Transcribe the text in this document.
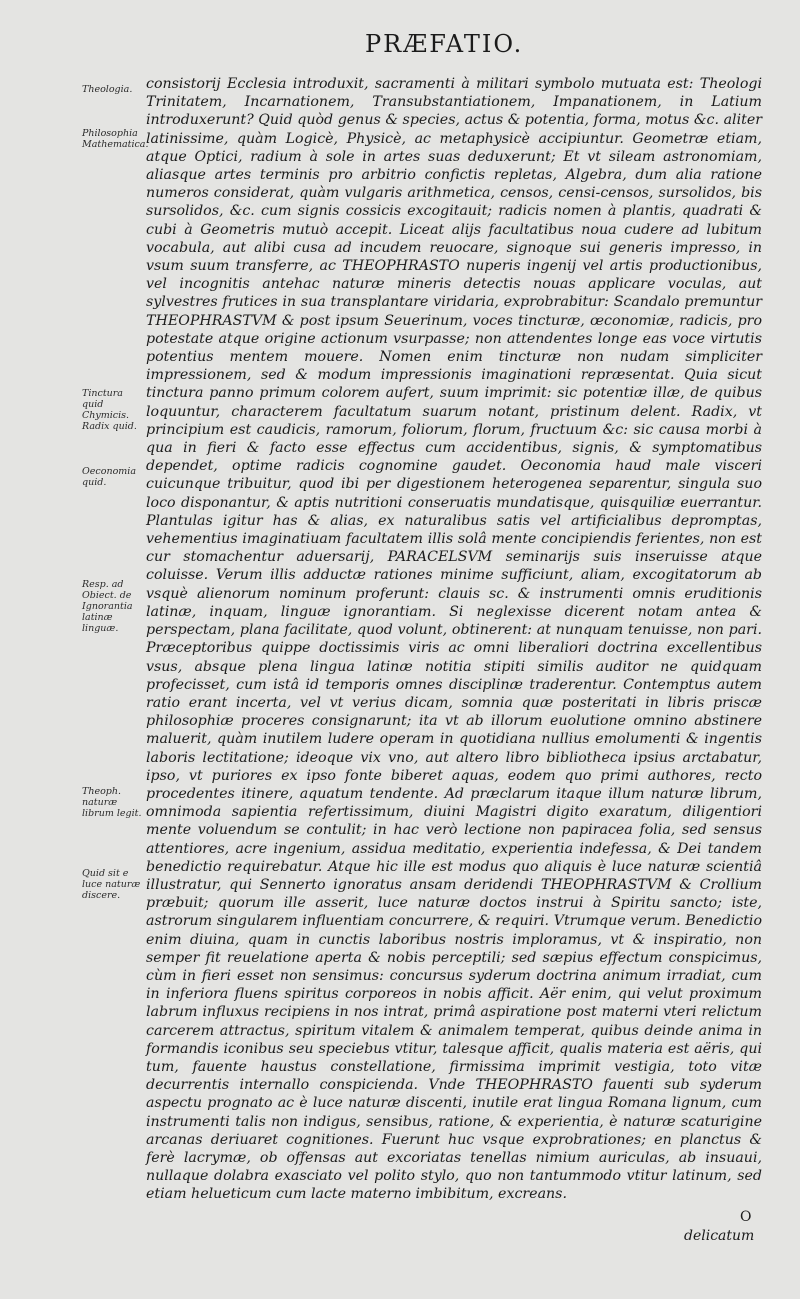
PRÆFATIO.
Theologia.
Philosophia Mathematica.
Tinctura quid Chymicis. Radix quid.
Oeconomia quid.
Resp. ad Obiect. de Ignorantia latinæ linguæ.
Theoph. naturæ librum legit.
Quid sit e luce naturæ discere.

consistorij Ecclesia introduxit, sacramenti à militari symbolo mutuata est: Theologi Trinitatem, Incarnationem, Transubstantiationem, Impanationem, in Latium introduxerunt? Quid quòd genus & species, actus & potentia, forma, motus &c. aliter latinissime, quàm Logicè, Physicè, ac metaphysicè accipiuntur. Geometræ etiam, atque Optici, radium à sole in artes suas deduxerunt; Et vt sileam astronomiam, aliasque artes terminis pro arbitrio confictis repletas, Algebra, dum alia ratione numeros considerat, quàm vulgaris arithmetica, censos, censi-censos, sursolidos, bis sursolidos, &c. cum signis cossicis excogitauit; radicis nomen à plantis, quadrati & cubi à Geometris mutuò accepit. Liceat alijs facultatibus noua cudere ad lubitum vocabula, aut alibi cusa ad incudem reuocare, signoque sui generis impresso, in vsum suum transferre, ac THEOPHRASTO nuperis ingenij vel artis productionibus, vel incognitis antehac naturæ mineris detectis nouas applicare voculas, aut sylvestres frutices in sua transplantare viridaria, exprobrabitur: Scandalo premuntur THEOPHRASTVM & post ipsum Seuerinum, voces tincturæ, œconomiæ, radicis, pro potestate atque origine actionum vsurpasse; non attendentes longe eas voce virtutis potentius mentem mouere. Nomen enim tincturæ non nudam simpliciter impressionem, sed & modum impressionis imaginationi repræsentat. Quia sicut tinctura panno primum colorem aufert, suum imprimit: sic potentiæ illæ, de quibus loquuntur, characterem facultatum suarum notant, pristinum delent. Radix, vt principium est caudicis, ramorum, foliorum, florum, fructuum &c: sic causa morbi à qua in fieri & facto esse effectus cum accidentibus, signis, & symptomatibus dependet, optime radicis cognomine gaudet. Oeconomia haud male visceri cuicunque tribuitur, quod ibi per digestionem heterogenea separentur, singula suo loco disponantur, & aptis nutritioni conseruatis mundatisque, quisquiliæ euerrantur. Plantulas igitur has & alias, ex naturalibus satis vel artificialibus depromptas, vehementius imaginatiuam facultatem illis solâ mente concipiendis ferientes, non est cur stomachentur aduersarij, PARACELSVM seminarijs suis inseruisse atque coluisse. Verum illis adductæ rationes minime sufficiunt, aliam, excogitatorum ab vsquè alienorum nominum proferunt: clauis sc. & instrumenti omnis eruditionis latinæ, inquam, linguæ ignorantiam. Si neglexisse dicerent notam antea & perspectam, plana facilitate, quod volunt, obtinerent: at nunquam tenuisse, non pari. Præceptoribus quippe doctissimis viris ac omni liberaliori doctrina excellentibus vsus, absque plena lingua latinæ notitia stipiti similis auditor ne quidquam profecisset, cum istâ id temporis omnes disciplinæ traderentur. Contemptus autem ratio erant incerta, vel vt verius dicam, somnia quæ posteritati in libris priscæ philosophiæ proceres consignarunt; ita vt ab illorum euolutione omnino abstinere maluerit, quàm inutilem ludere operam in quotidiana nullius emolumenti & ingentis laboris lectitatione; ideoque vix vno, aut altero libro bibliotheca ipsius arctabatur, ipso, vt puriores ex ipso fonte biberet aquas, eodem quo primi authores, recto procedentes itinere, aquatum tendente. Ad præclarum itaque illum naturæ librum, omnimoda sapientia refertissimum, diuini Magistri digito exaratum, diligentiori mente voluendum se contulit; in hac verò lectione non papiracea folia, sed sensus attentiores, acre ingenium, assidua meditatio, experientia indefessa, & Dei tandem benedictio requirebatur. Atque hic ille est modus quo aliquis è luce naturæ scientiâ illustratur, qui Sennerto ignoratus ansam deridendi THEOPHRASTVM & Crollium præbuit; quorum ille asserit, luce naturæ doctos instrui à Spiritu sancto; iste, astrorum singularem influentiam concurrere, & requiri. Vtrumque verum. Benedictio enim diuina, quam in cunctis laboribus nostris imploramus, vt & inspiratio, non semper fit reuelatione aperta & nobis perceptili; sed sæpius effectum conspicimus, cùm in fieri esset non sensimus: concursus syderum doctrina animum irradiat, cum in inferiora fluens spiritus corporeos in nobis afficit. Aër enim, qui velut proximum labrum influxus recipiens in nos intrat, primâ aspiratione post materni vteri relictum carcerem attractus, spiritum vitalem & animalem temperat, quibus deinde anima in formandis iconibus seu speciebus vtitur, talesque afficit, qualis materia est aëris, qui tum, fauente haustus constellatione, firmissima imprimit vestigia, toto vitæ decurrentis internallo conspicienda. Vnde THEOPHRASTO fauenti sub syderum aspectu prognato ac è luce naturæ discenti, inutile erat lingua Romana lignum, cum instrumenti talis non indigus, sensibus, ratione, & experientia, è naturæ scaturigine arcanas deriuaret cognitiones. Fuerunt huc vsque exprobrationes; en planctus & ferè lacrymæ, ob offensas aut excoriatas tenellas nimium auriculas, ab insuaui, nullaque dolabra exasciato vel polito stylo, quo non tantummodo vtitur latinum, sed etiam helueticum cum lacte materno imbibitum, excreans.

O
delicatum
